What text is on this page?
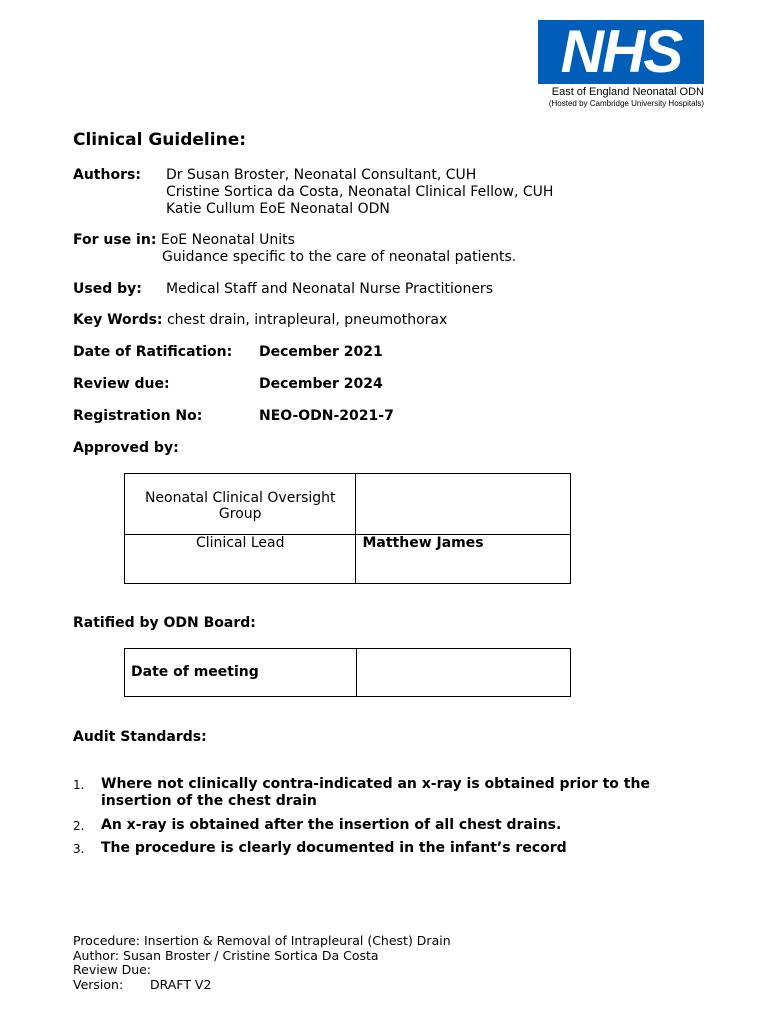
NHS
East of England Neonatal ODN
(Hosted by Cambridge University Hospitals)
Clinical Guideline:
Authors: Dr Susan Broster, Neonatal Consultant, CUH
Cristine Sortica da Costa, Neonatal Clinical Fellow, CUH
Katie Cullum EoE Neonatal ODN
For use in: EoE Neonatal Units
Guidance specific to the care of neonatal patients.
Used by: Medical Staff and Neonatal Nurse Practitioners
Key Words: chest drain, intrapleural, pneumothorax
Date of Ratification: December 2021
Review due:	December 2024
Registration No:	NEO-ODN-2021-7
Approved by:
Neonatal Clinical Oversight Group	
Clinical Lead	Matthew James
Ratified by ODN Board:
Date of meeting	
Audit Standards:
1. Where not clinically contra-indicated an x-ray is obtained prior to the insertion of the chest drain
2. An x-ray is obtained after the insertion of all chest drains.
3. The procedure is clearly documented in the infant’s record
Procedure: Insertion & Removal of Intrapleural (Chest) Drain
Author: Susan Broster / Cristine Sortica Da Costa
Review Due:
Version: DRAFT V2
